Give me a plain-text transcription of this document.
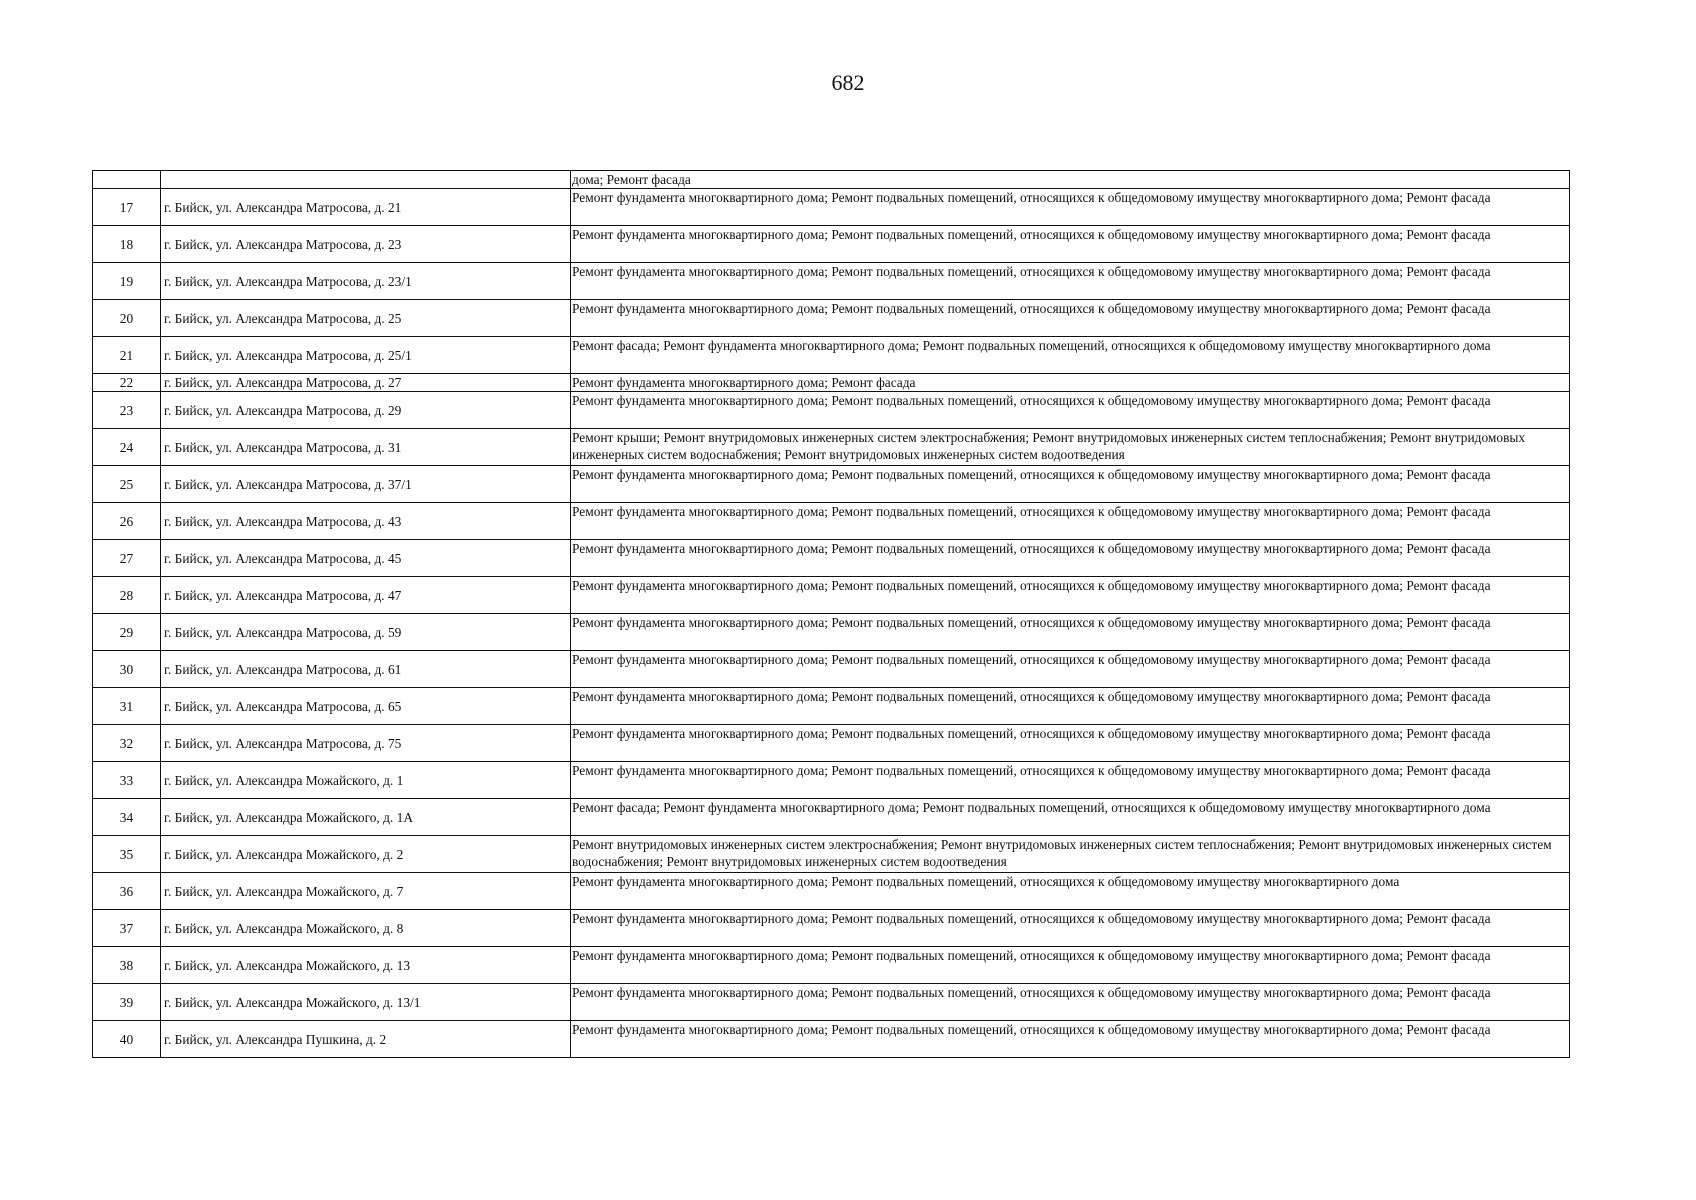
682
		дома; Ремонт фасада
17	г. Бийск, ул. Александра Матросова, д. 21	Ремонт фундамента многоквартирного дома; Ремонт подвальных помещений, относящихся к общедомовому имуществу многоквартирного дома; Ремонт фасада
18	г. Бийск, ул. Александра Матросова, д. 23	Ремонт фундамента многоквартирного дома; Ремонт подвальных помещений, относящихся к общедомовому имуществу многоквартирного дома; Ремонт фасада
19	г. Бийск, ул. Александра Матросова, д. 23/1	Ремонт фундамента многоквартирного дома; Ремонт подвальных помещений, относящихся к общедомовому имуществу многоквартирного дома; Ремонт фасада
20	г. Бийск, ул. Александра Матросова, д. 25	Ремонт фундамента многоквартирного дома; Ремонт подвальных помещений, относящихся к общедомовому имуществу многоквартирного дома; Ремонт фасада
21	г. Бийск, ул. Александра Матросова, д. 25/1	Ремонт фасада; Ремонт фундамента многоквартирного дома; Ремонт подвальных помещений, относящихся к общедомовому имуществу многоквартирного дома
22	г. Бийск, ул. Александра Матросова, д. 27	Ремонт фундамента многоквартирного дома; Ремонт фасада
23	г. Бийск, ул. Александра Матросова, д. 29	Ремонт фундамента многоквартирного дома; Ремонт подвальных помещений, относящихся к общедомовому имуществу многоквартирного дома; Ремонт фасада
24	г. Бийск, ул. Александра Матросова, д. 31	Ремонт крыши; Ремонт внутридомовых инженерных систем электроснабжения; Ремонт внутридомовых инженерных систем теплоснабжения; Ремонт внутридомовых инженерных систем водоснабжения; Ремонт внутридомовых инженерных систем водоотведения
25	г. Бийск, ул. Александра Матросова, д. 37/1	Ремонт фундамента многоквартирного дома; Ремонт подвальных помещений, относящихся к общедомовому имуществу многоквартирного дома; Ремонт фасада
26	г. Бийск, ул. Александра Матросова, д. 43	Ремонт фундамента многоквартирного дома; Ремонт подвальных помещений, относящихся к общедомовому имуществу многоквартирного дома; Ремонт фасада
27	г. Бийск, ул. Александра Матросова, д. 45	Ремонт фундамента многоквартирного дома; Ремонт подвальных помещений, относящихся к общедомовому имуществу многоквартирного дома; Ремонт фасада
28	г. Бийск, ул. Александра Матросова, д. 47	Ремонт фундамента многоквартирного дома; Ремонт подвальных помещений, относящихся к общедомовому имуществу многоквартирного дома; Ремонт фасада
29	г. Бийск, ул. Александра Матросова, д. 59	Ремонт фундамента многоквартирного дома; Ремонт подвальных помещений, относящихся к общедомовому имуществу многоквартирного дома; Ремонт фасада
30	г. Бийск, ул. Александра Матросова, д. 61	Ремонт фундамента многоквартирного дома; Ремонт подвальных помещений, относящихся к общедомовому имуществу многоквартирного дома; Ремонт фасада
31	г. Бийск, ул. Александра Матросова, д. 65	Ремонт фундамента многоквартирного дома; Ремонт подвальных помещений, относящихся к общедомовому имуществу многоквартирного дома; Ремонт фасада
32	г. Бийск, ул. Александра Матросова, д. 75	Ремонт фундамента многоквартирного дома; Ремонт подвальных помещений, относящихся к общедомовому имуществу многоквартирного дома; Ремонт фасада
33	г. Бийск, ул. Александра Можайского, д. 1	Ремонт фундамента многоквартирного дома; Ремонт подвальных помещений, относящихся к общедомовому имуществу многоквартирного дома; Ремонт фасада
34	г. Бийск, ул. Александра Можайского, д. 1А	Ремонт фасада; Ремонт фундамента многоквартирного дома; Ремонт подвальных помещений, относящихся к общедомовому имуществу многоквартирного дома
35	г. Бийск, ул. Александра Можайского, д. 2	Ремонт внутридомовых инженерных систем электроснабжения; Ремонт внутридомовых инженерных систем теплоснабжения; Ремонт внутридомовых инженерных систем водоснабжения; Ремонт внутридомовых инженерных систем водоотведения
36	г. Бийск, ул. Александра Можайского, д. 7	Ремонт фундамента многоквартирного дома; Ремонт подвальных помещений, относящихся к общедомовому имуществу многоквартирного дома
37	г. Бийск, ул. Александра Можайского, д. 8	Ремонт фундамента многоквартирного дома; Ремонт подвальных помещений, относящихся к общедомовому имуществу многоквартирного дома; Ремонт фасада
38	г. Бийск, ул. Александра Можайского, д. 13	Ремонт фундамента многоквартирного дома; Ремонт подвальных помещений, относящихся к общедомовому имуществу многоквартирного дома; Ремонт фасада
39	г. Бийск, ул. Александра Можайского, д. 13/1	Ремонт фундамента многоквартирного дома; Ремонт подвальных помещений, относящихся к общедомовому имуществу многоквартирного дома; Ремонт фасада
40	г. Бийск, ул. Александра Пушкина, д. 2	Ремонт фундамента многоквартирного дома; Ремонт подвальных помещений, относящихся к общедомовому имуществу многоквартирного дома; Ремонт фасада
